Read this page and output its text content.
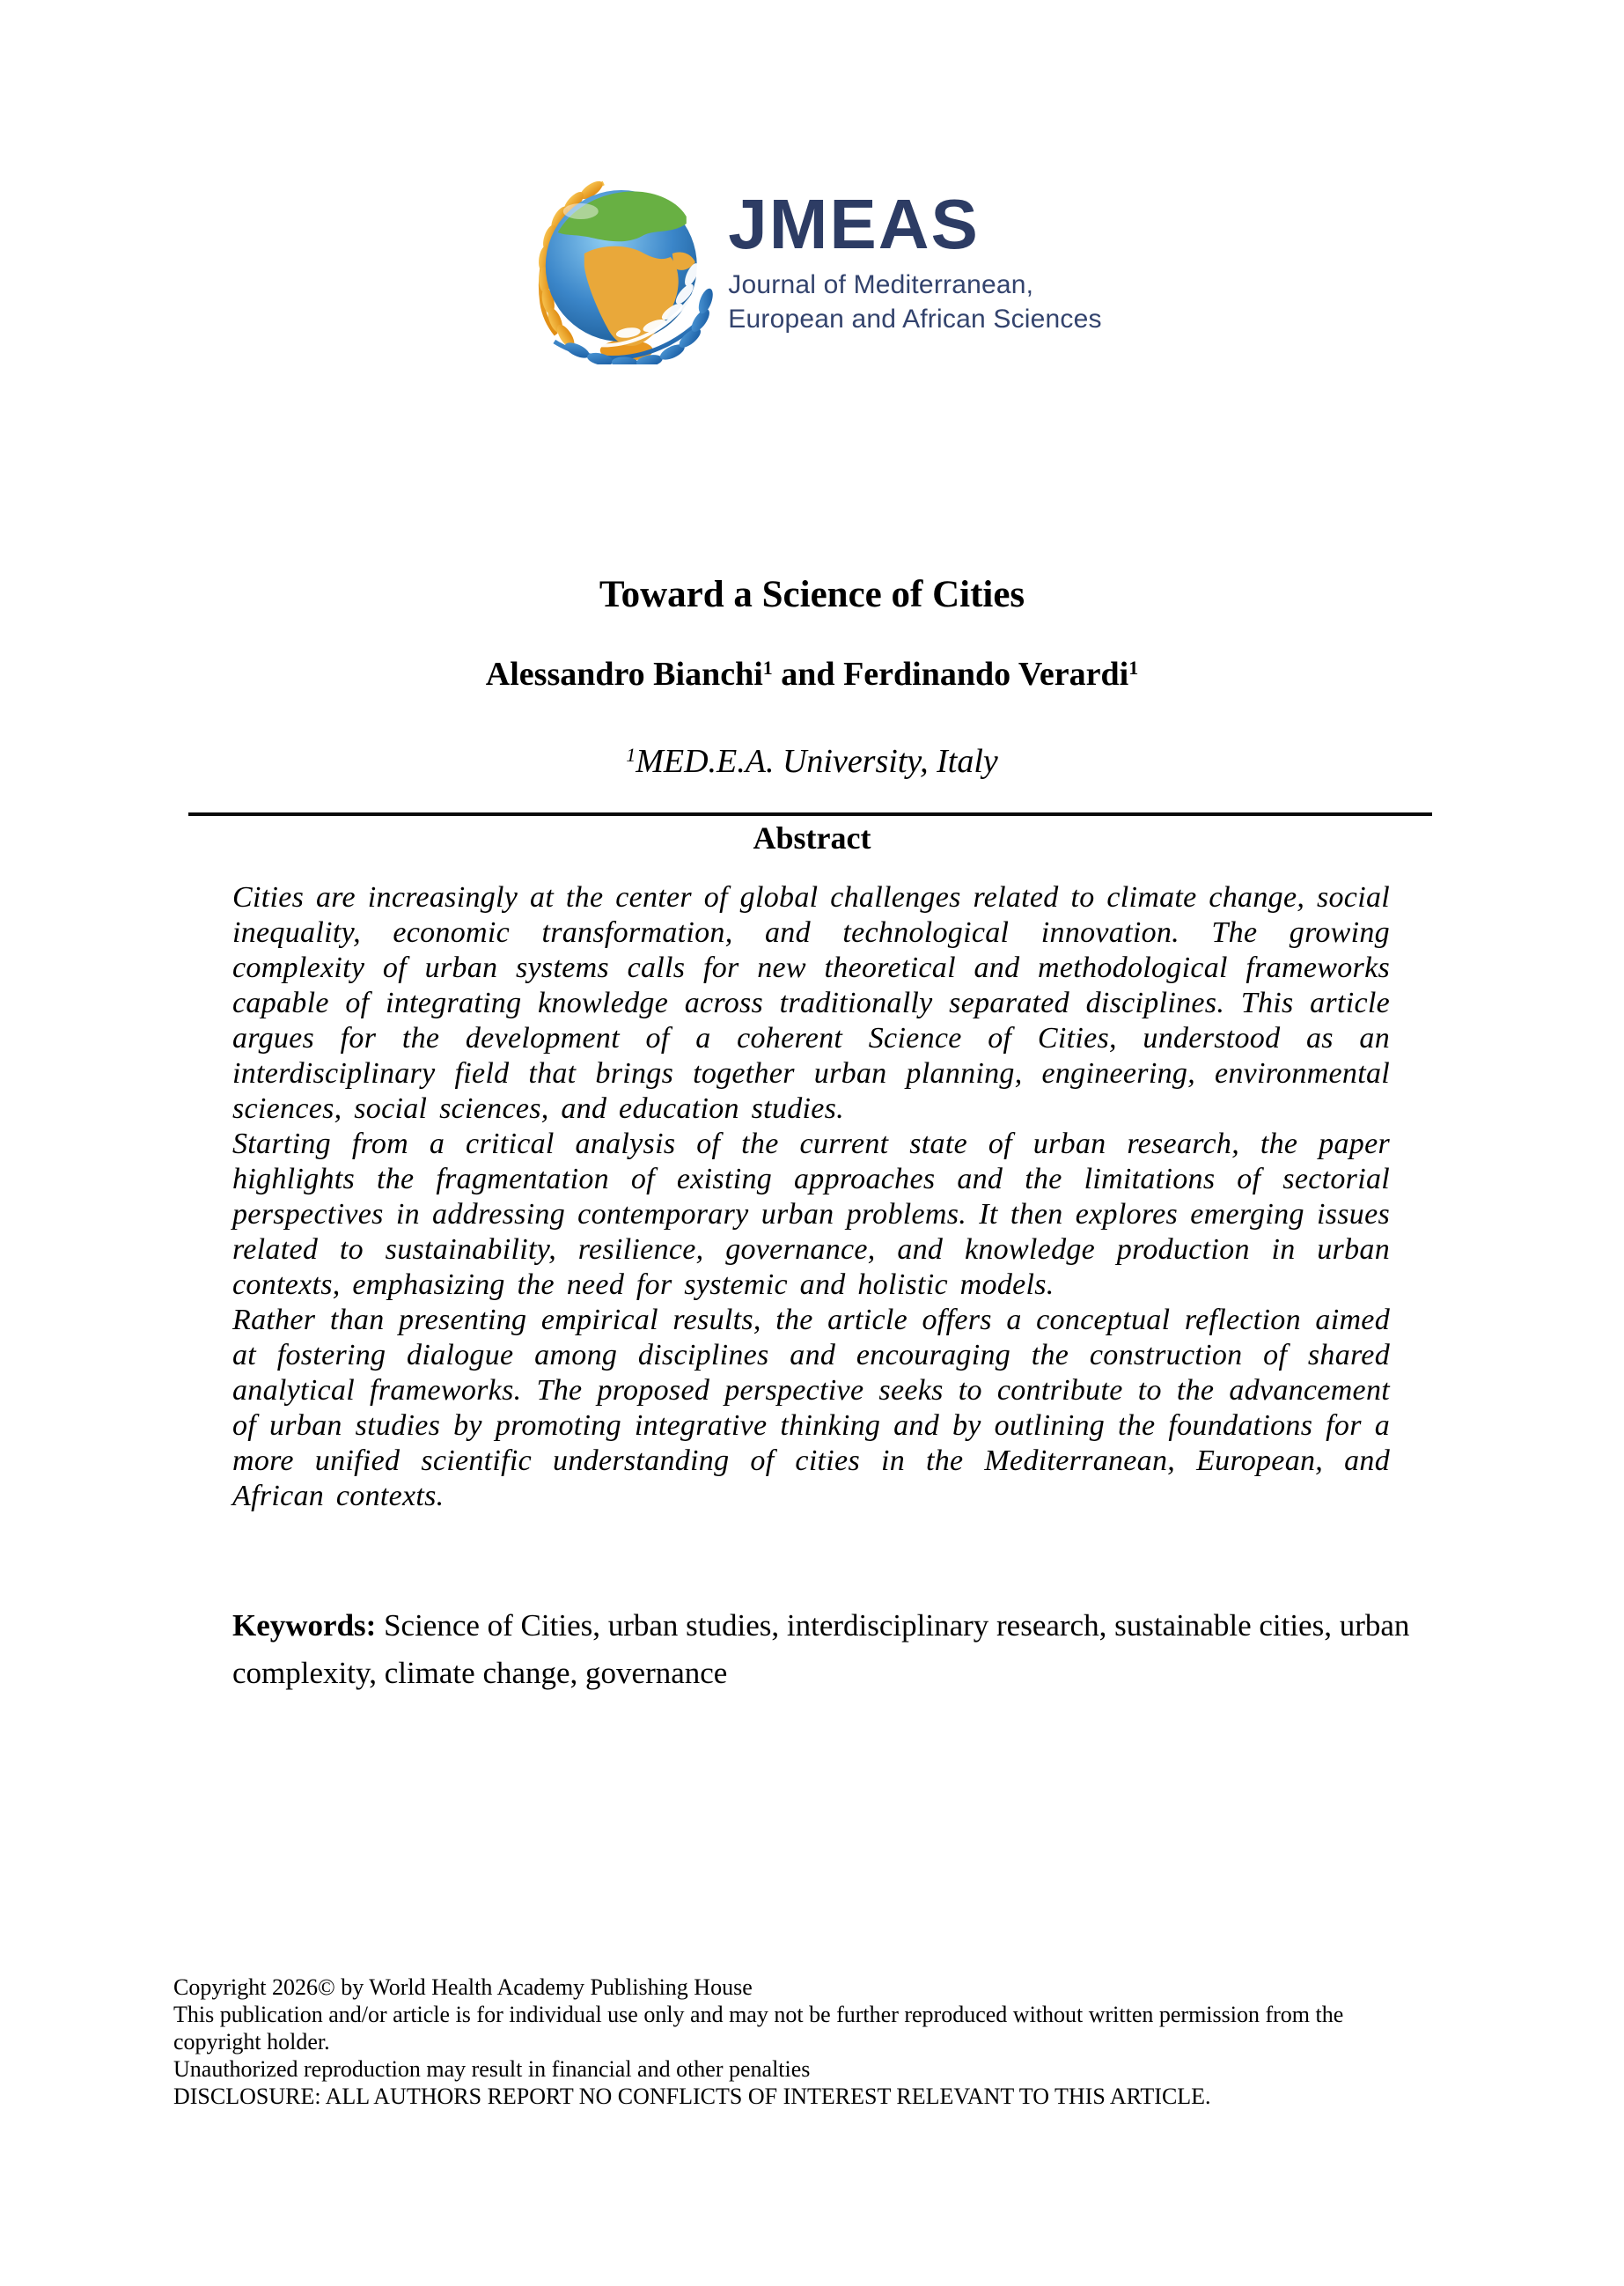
JMEAS
Journal of Mediterranean,
European and African Sciences
Toward a Science of Cities
Alessandro Bianchi$^1$ and Ferdinando Verardi$^1$
$^1$MED.E.A. University, Italy
Abstract

Cities are increasingly at the center of global challenges related to climate change, social inequality, economic transformation, and technological innovation. The growing complexity of urban systems calls for new theoretical and methodological frameworks capable of integrating knowledge across traditionally separated disciplines. This article argues for the development of a coherent Science of Cities, understood as an interdisciplinary field that brings together urban planning, engineering, environmental sciences, social sciences, and education studies.

Starting from a critical analysis of the current state of urban research, the paper highlights the fragmentation of existing approaches and the limitations of sectorial perspectives in addressing contemporary urban problems. It then explores emerging issues related to sustainability, resilience, governance, and knowledge production in urban contexts, emphasizing the need for systemic and holistic models.

Rather than presenting empirical results, the article offers a conceptual reflection aimed at fostering dialogue among disciplines and encouraging the construction of shared analytical frameworks. The proposed perspective seeks to contribute to the advancement of urban studies by promoting integrative thinking and by outlining the foundations for a more unified scientific understanding of cities in the Mediterranean, European, and African contexts.

Keywords: Science of Cities, urban studies, interdisciplinary research, sustainable cities, urban complexity, climate change, governance
Copyright 2026© by World Health Academy Publishing House
This publication and/or article is for individual use only and may not be further reproduced without written permission from the
copyright holder.
Unauthorized reproduction may result in financial and other penalties
DISCLOSURE: ALL AUTHORS REPORT NO CONFLICTS OF INTEREST RELEVANT TO THIS ARTICLE.
